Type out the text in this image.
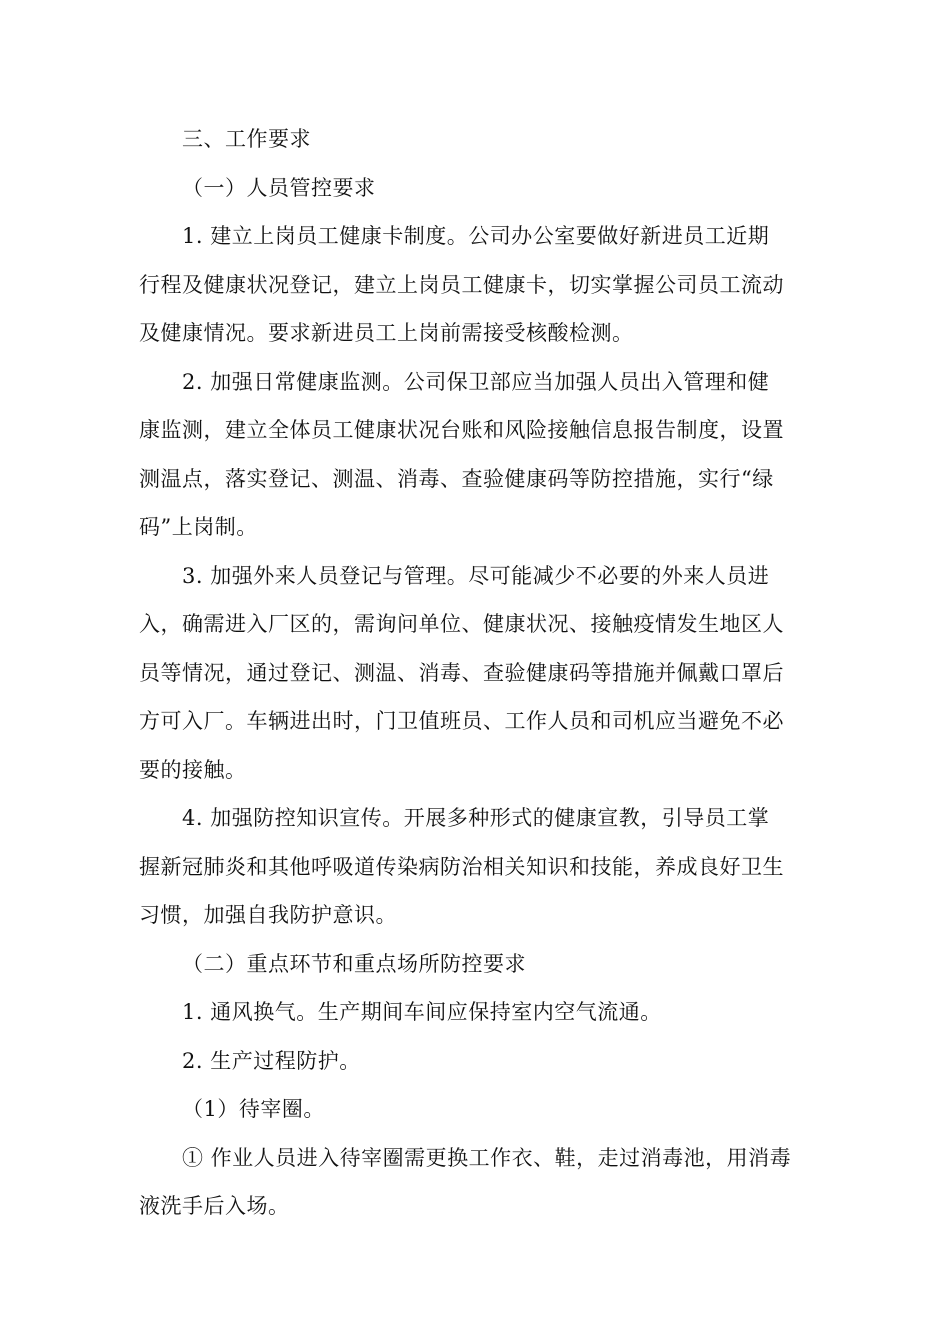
三、工作要求
（一）人员管控要求
1. 建立上岗员工健康卡制度。公司办公室要做好新进员工近期
行程及健康状况登记，建立上岗员工健康卡，切实掌握公司员工流动
及健康情况。要求新进员工上岗前需接受核酸检测。
2. 加强日常健康监测。公司保卫部应当加强人员出入管理和健
康监测，建立全体员工健康状况台账和风险接触信息报告制度，设置
测温点，落实登记、测温、消毒、查验健康码等防控措施，实行“绿
码”上岗制。
3. 加强外来人员登记与管理。尽可能减少不必要的外来人员进
入，确需进入厂区的，需询问单位、健康状况、接触疫情发生地区人
员等情况，通过登记、测温、消毒、查验健康码等措施并佩戴口罩后
方可入厂。车辆进出时，门卫值班员、工作人员和司机应当避免不必
要的接触。
4. 加强防控知识宣传。开展多种形式的健康宣教，引导员工掌
握新冠肺炎和其他呼吸道传染病防治相关知识和技能，养成良好卫生
习惯，加强自我防护意识。
（二）重点环节和重点场所防控要求
1. 通风换气。生产期间车间应保持室内空气流通。
2. 生产过程防护。
（1）待宰圈。
① 作业人员进入待宰圈需更换工作衣、鞋，走过消毒池，用消毒
液洗手后入场。
